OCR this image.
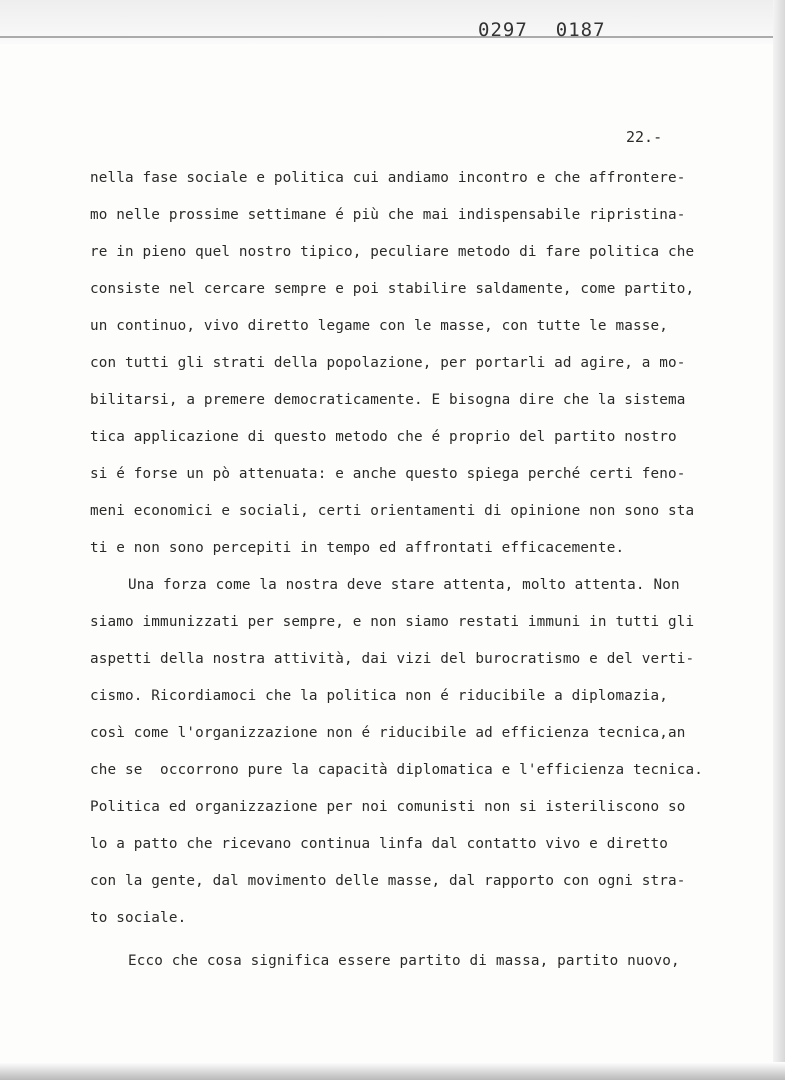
0297 0187
22.-
nella fase sociale e politica cui andiamo incontro e che affrontere-
mo nelle prossime settimane é più che mai indispensabile ripristina-
re in pieno quel nostro tipico, peculiare metodo di fare politica che
consiste nel cercare sempre e poi stabilire saldamente, come partito,
un continuo, vivo diretto legame con le masse, con tutte le masse,
con tutti gli strati della popolazione, per portarli ad agire, a mo-
bilitarsi, a premere democraticamente. E bisogna dire che la sistema
tica applicazione di questo metodo che é proprio del partito nostro
si é forse un pò attenuata: e anche questo spiega perché certi feno-
meni economici e sociali, certi orientamenti di opinione non sono sta
ti e non sono percepiti in tempo ed affrontati efficacemente.
Una forza come la nostra deve stare attenta, molto attenta. Non
siamo immunizzati per sempre, e non siamo restati immuni in tutti gli
aspetti della nostra attività, dai vizi del burocratismo e del verti-
cismo. Ricordiamoci che la politica non é riducibile a diplomazia,
così come l'organizzazione non é riducibile ad efficienza tecnica,an
che se  occorrono pure la capacità diplomatica e l'efficienza tecnica.
Politica ed organizzazione per noi comunisti non si isteriliscono so
lo a patto che ricevano continua linfa dal contatto vivo e diretto
con la gente, dal movimento delle masse, dal rapporto con ogni stra-
to sociale.
Ecco che cosa significa essere partito di massa, partito nuovo,
